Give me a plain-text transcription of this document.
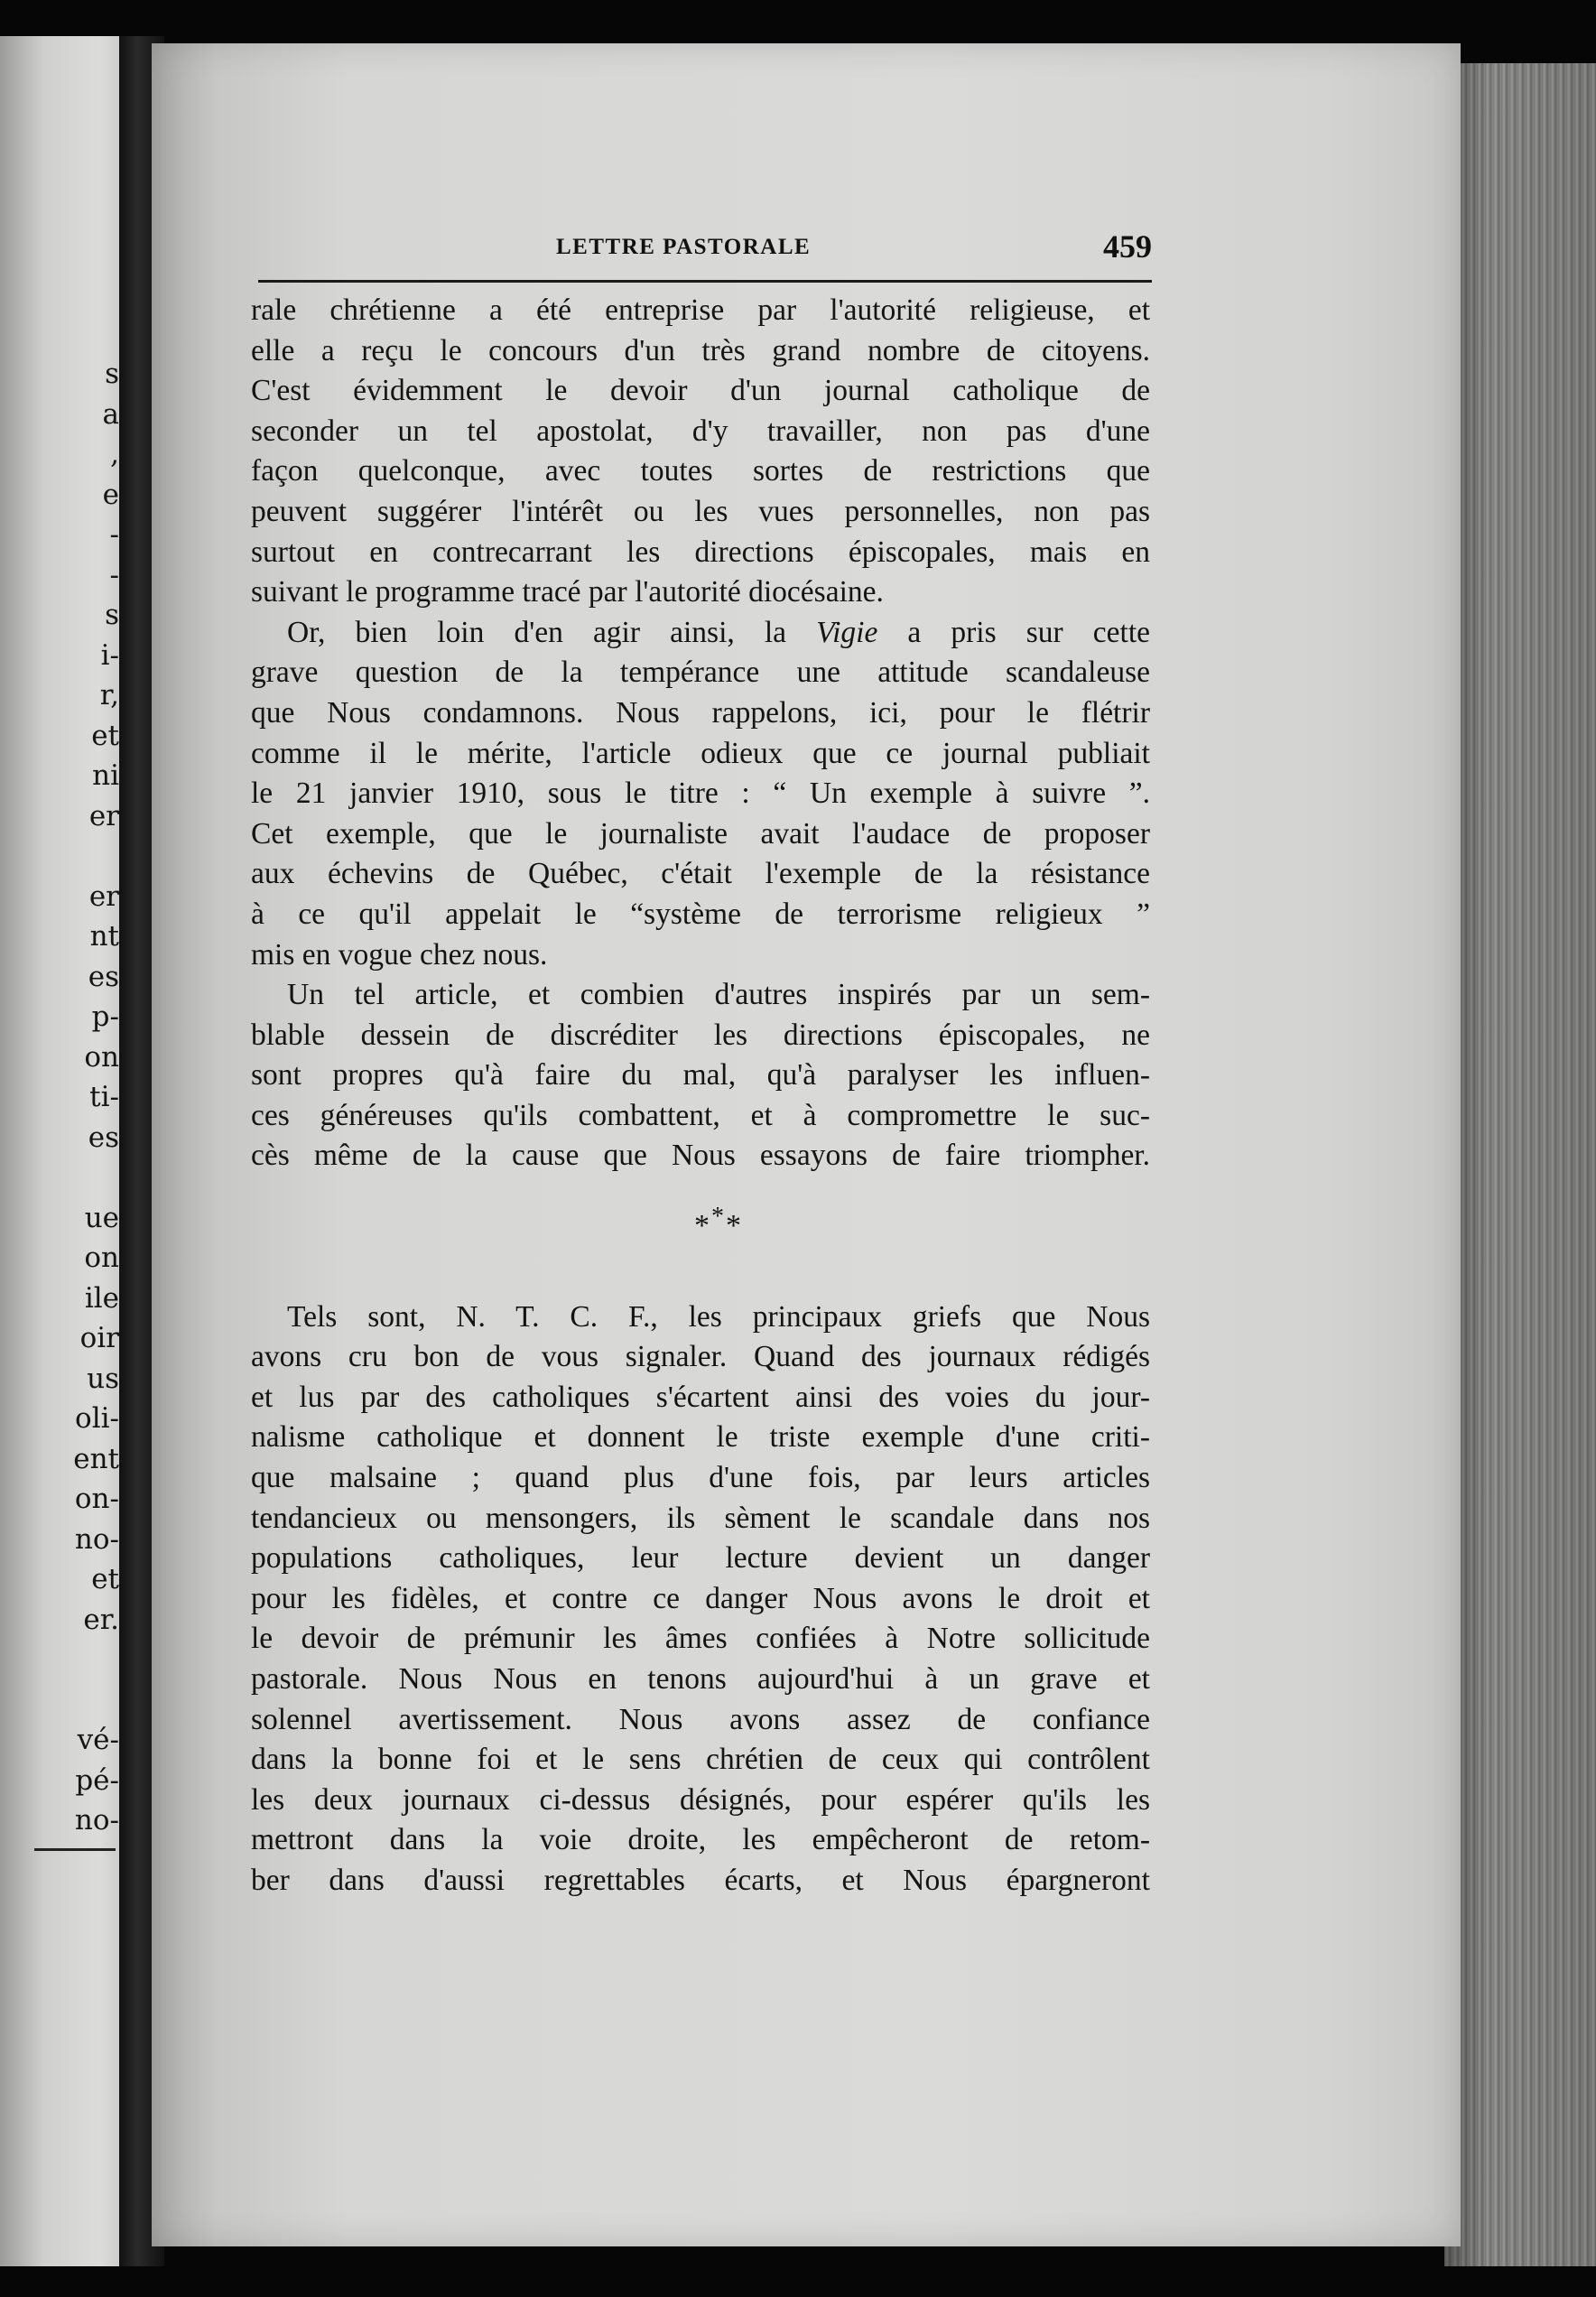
s
a
,
e
-
-
s
i-
r,
et
ni
er
er
nt
es
p-
on
ti-
es
ue
on
ile
oir
us
oli-
ent
on-
no-
et
er.
vé-
pé-
no-
LETTRE PASTORALE	459
rale chrétienne a été entreprise par l'autorité religieuse, et
elle a reçu le concours d'un très grand nombre de citoyens.
C'est évidemment le devoir d'un journal catholique de
seconder un tel apostolat, d'y travailler, non pas d'une
façon quelconque, avec toutes sortes de restrictions que
peuvent suggérer l'intérêt ou les vues personnelles, non pas
surtout en contrecarrant les directions épiscopales, mais en
suivant le programme tracé par l'autorité diocésaine.
Or, bien loin d'en agir ainsi, la Vigie a pris sur cette
grave question de la tempérance une attitude scandaleuse
que Nous condamnons. Nous rappelons, ici, pour le flétrir
comme il le mérite, l'article odieux que ce journal publiait
le 21 janvier 1910, sous le titre : “ Un exemple à suivre ”.
Cet exemple, que le journaliste avait l'audace de proposer
aux échevins de Québec, c'était l'exemple de la résistance
à ce qu'il appelait le “système de terrorisme religieux ”
mis en vogue chez nous.
Un tel article, et combien d'autres inspirés par un sem-
blable dessein de discréditer les directions épiscopales, ne
sont propres qu'à faire du mal, qu'à paralyser les influen-
ces généreuses qu'ils combattent, et à compromettre le suc-
cès même de la cause que Nous essayons de faire triompher.
***
Tels sont, N. T. C. F., les principaux griefs que Nous
avons cru bon de vous signaler. Quand des journaux rédigés
et lus par des catholiques s'écartent ainsi des voies du jour-
nalisme catholique et donnent le triste exemple d'une criti-
que malsaine ; quand plus d'une fois, par leurs articles
tendancieux ou mensongers, ils sèment le scandale dans nos
populations catholiques, leur lecture devient un danger
pour les fidèles, et contre ce danger Nous avons le droit et
le devoir de prémunir les âmes confiées à Notre sollicitude
pastorale. Nous Nous en tenons aujourd'hui à un grave et
solennel avertissement. Nous avons assez de confiance
dans la bonne foi et le sens chrétien de ceux qui contrôlent
les deux journaux ci-dessus désignés, pour espérer qu'ils les
mettront dans la voie droite, les empêcheront de retom-
ber dans d'aussi regrettables écarts, et Nous épargneront
